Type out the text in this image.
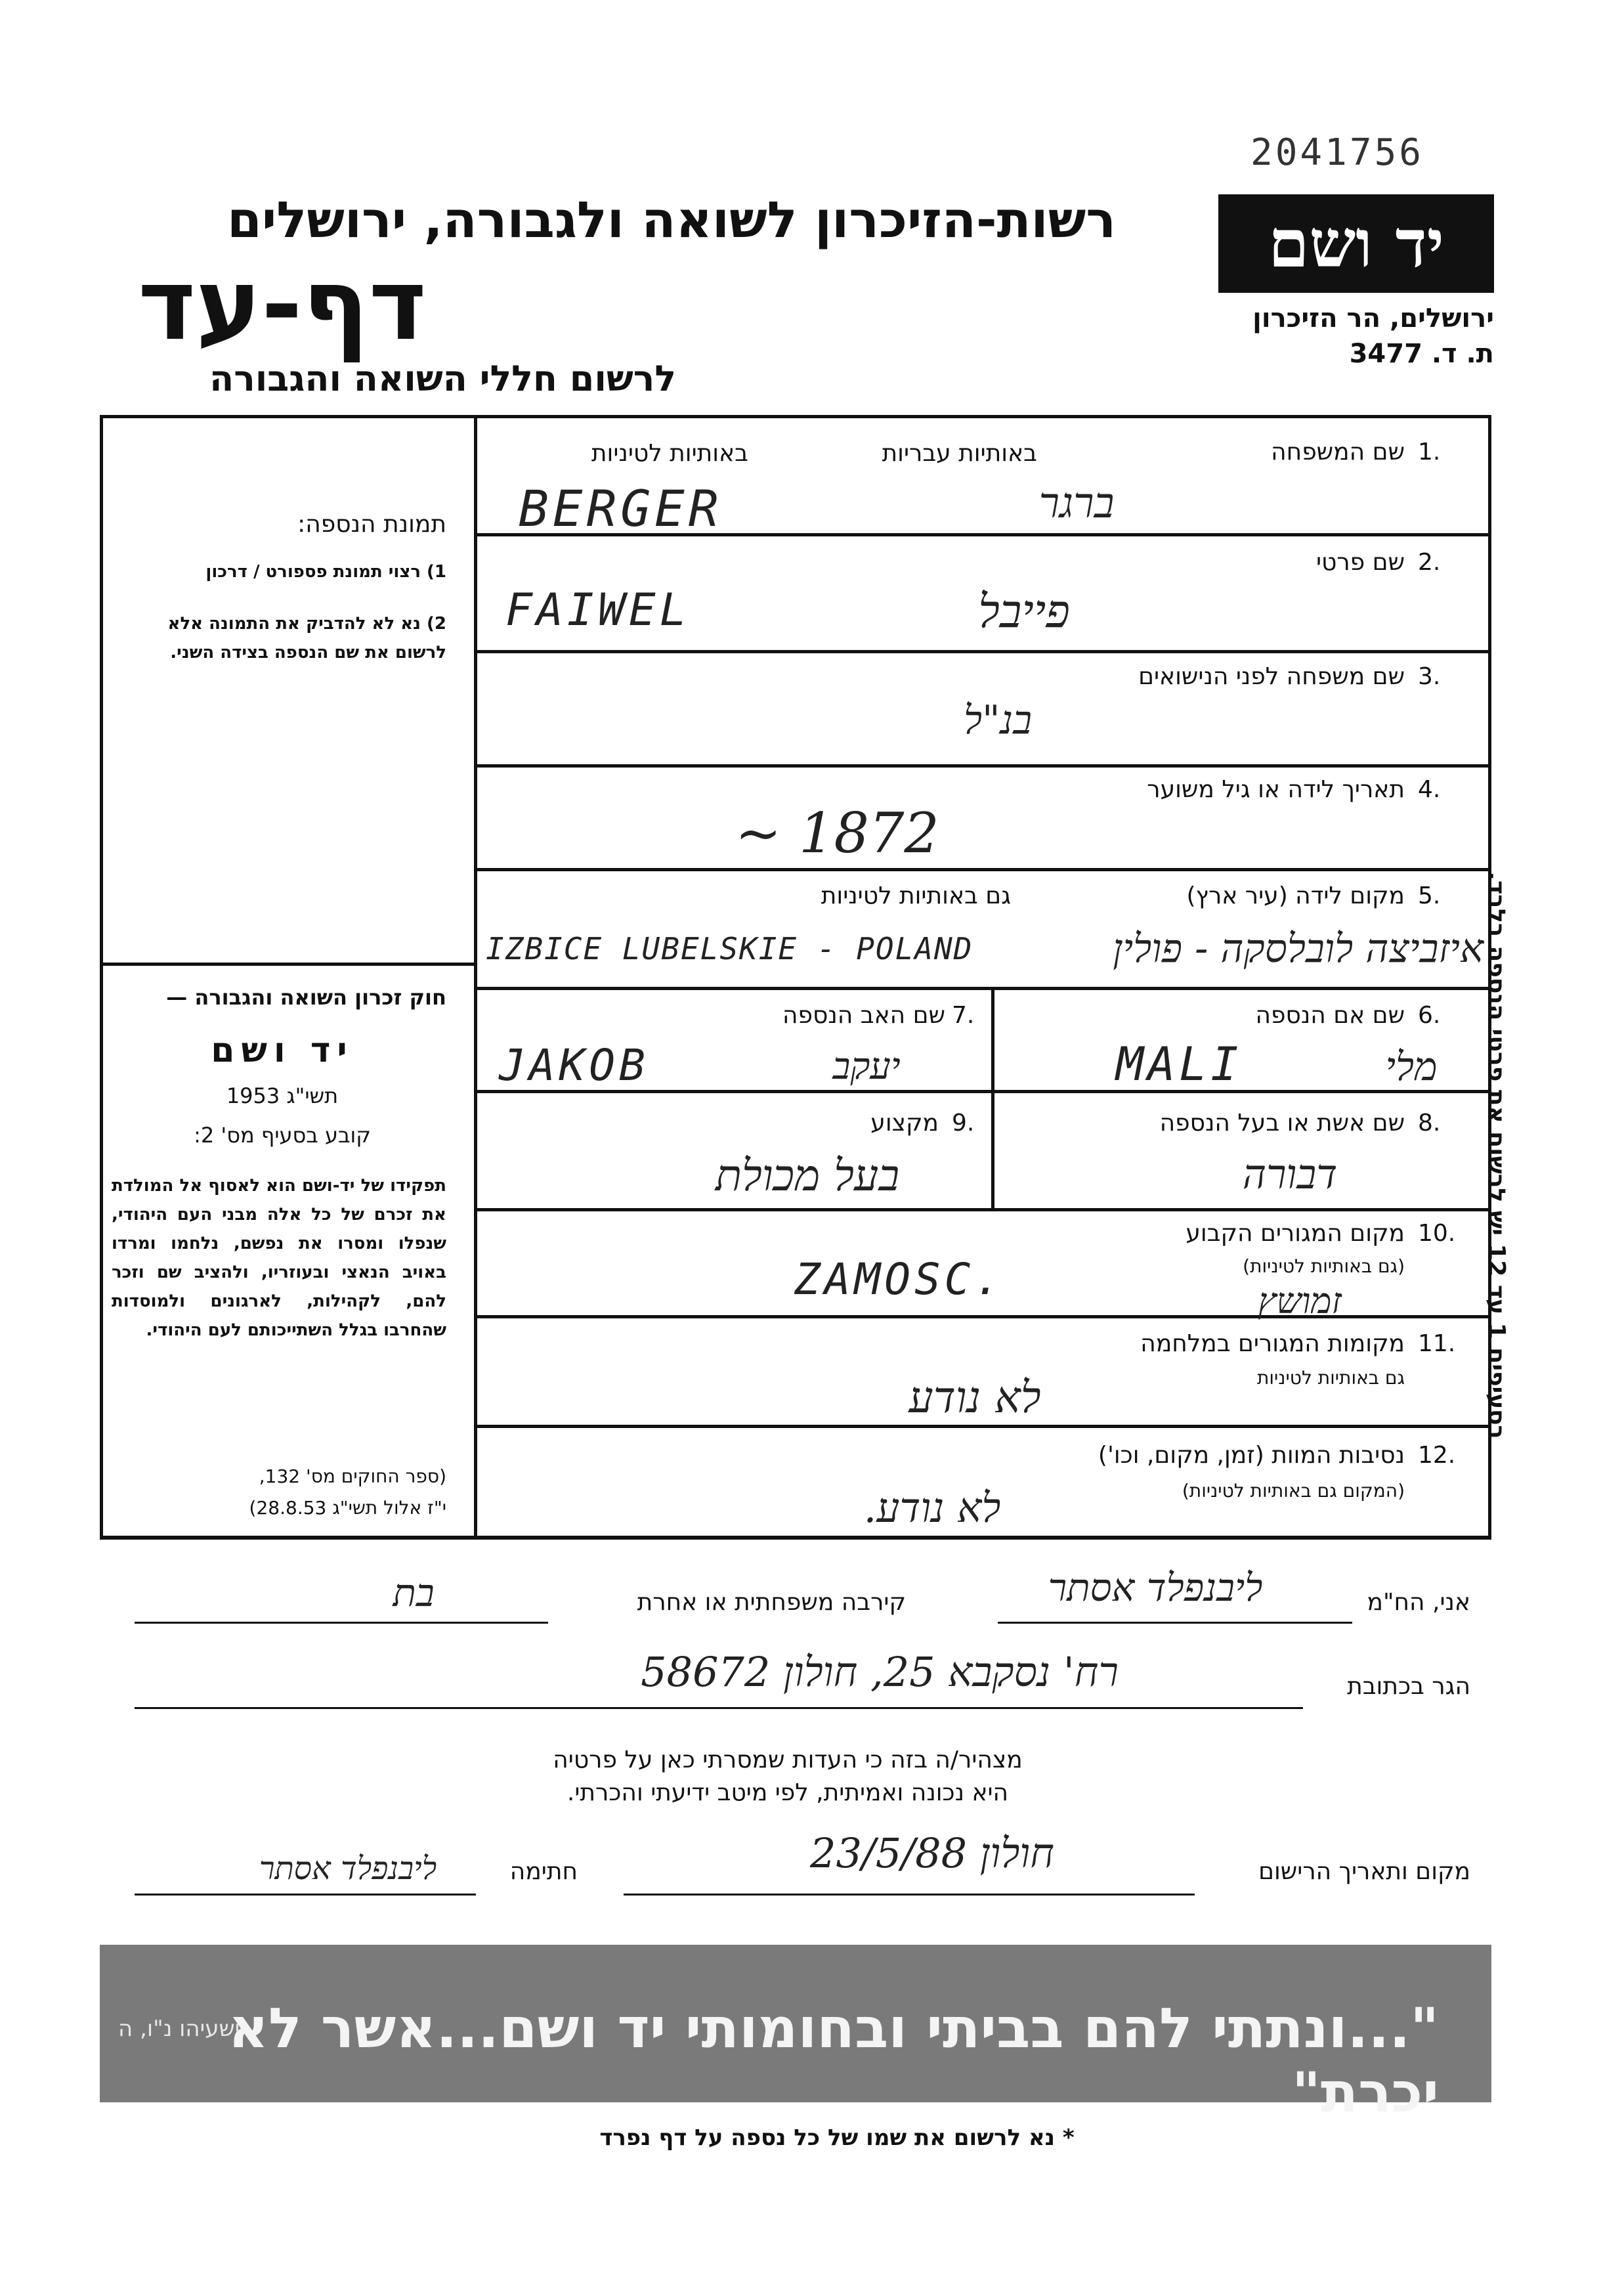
2041756
יד ושם
ירושלים, הר הזיכרון
ת. ד. 3477
רשות-הזיכרון לשואה ולגבורה, ירושלים
דף-עד
לרשום חללי השואה והגבורה
באותיות עבריות
באותיות לטיניות	1.
שם המשפחה
ברגר
BERGER
2.
שם פרטי
פייבל
FAIWEL
3.
שם משפחה לפני הנישואים
בנ"ל
4.
תאריך לידה או גיל משוער
~ 1872
5.
מקום לידה (עיר ארץ)
גם באותיות לטיניות
איזביצה לובלסקה - פולין
IZBICE LUBELSKIE - POLAND
6.
שם אם הנספה
מלי
MALI
7.
שם האב הנספה
יעקב
JAKOB
8.
שם אשת או בעל הנספה
דבורה
9.
מקצוע
בעל מכולת
10.
מקום המגורים הקבוע
(גם באותיות לטיניות)
זמושץ
ZAMOSC.
11.
מקומות המגורים במלחמה
גם באותיות לטיניות
לא נודע
12.
נסיבות המוות (זמן, מקום, וכו')
(המקום גם באותיות לטיניות)
לא נודע.
תמונת הנספה:
1) רצוי תמונת פספורט / דרכון
2) נא לא להדביק את התמונה אלא לרשום את שם הנספה בצידה השני.
חוק זכרון השואה והגבורה —
יד ושם
תשי"ג 1953
קובע בסעיף מס' 2:
תפקידו של יד-ושם הוא לאסוף אל המולדת את זכרם של כל אלה מבני העם היהודי, שנפלו ומסרו את נפשם, נלחמו ומרדו באויב הנאצי ובעוזריו, ולהציב שם וזכר להם, לקהילות, לארגונים ולמוסדות שהחרבו בגלל השתייכותם לעם היהודי.
(ספר החוקים מס' 132,
י"ז אלול תשי"ג 28.8.53)
בסעיפים 1 עד 12 יש לרשום את פרטי הנספה בלבד.
אני, הח"מ
ליבנפלד אסתר
קירבה משפחתית או אחרת
בת
הגר בכתובת
רח' נסקבא 25, חולון 58672
מצהיר/ה בזה כי העדות שמסרתי כאן על פרטיה
היא נכונה ואמיתית, לפי מיטב ידיעתי והכרתי.
מקום ותאריך הרישום
חולון 23/5/88
חתימה
ליבנפלד אסתר
"...ונתתי להם בביתי ובחומותי יד ושם...אשר לא יכרת"
ישעיהו נ"ו, ה
* נא לרשום את שמו של כל נספה על דף נפרד
